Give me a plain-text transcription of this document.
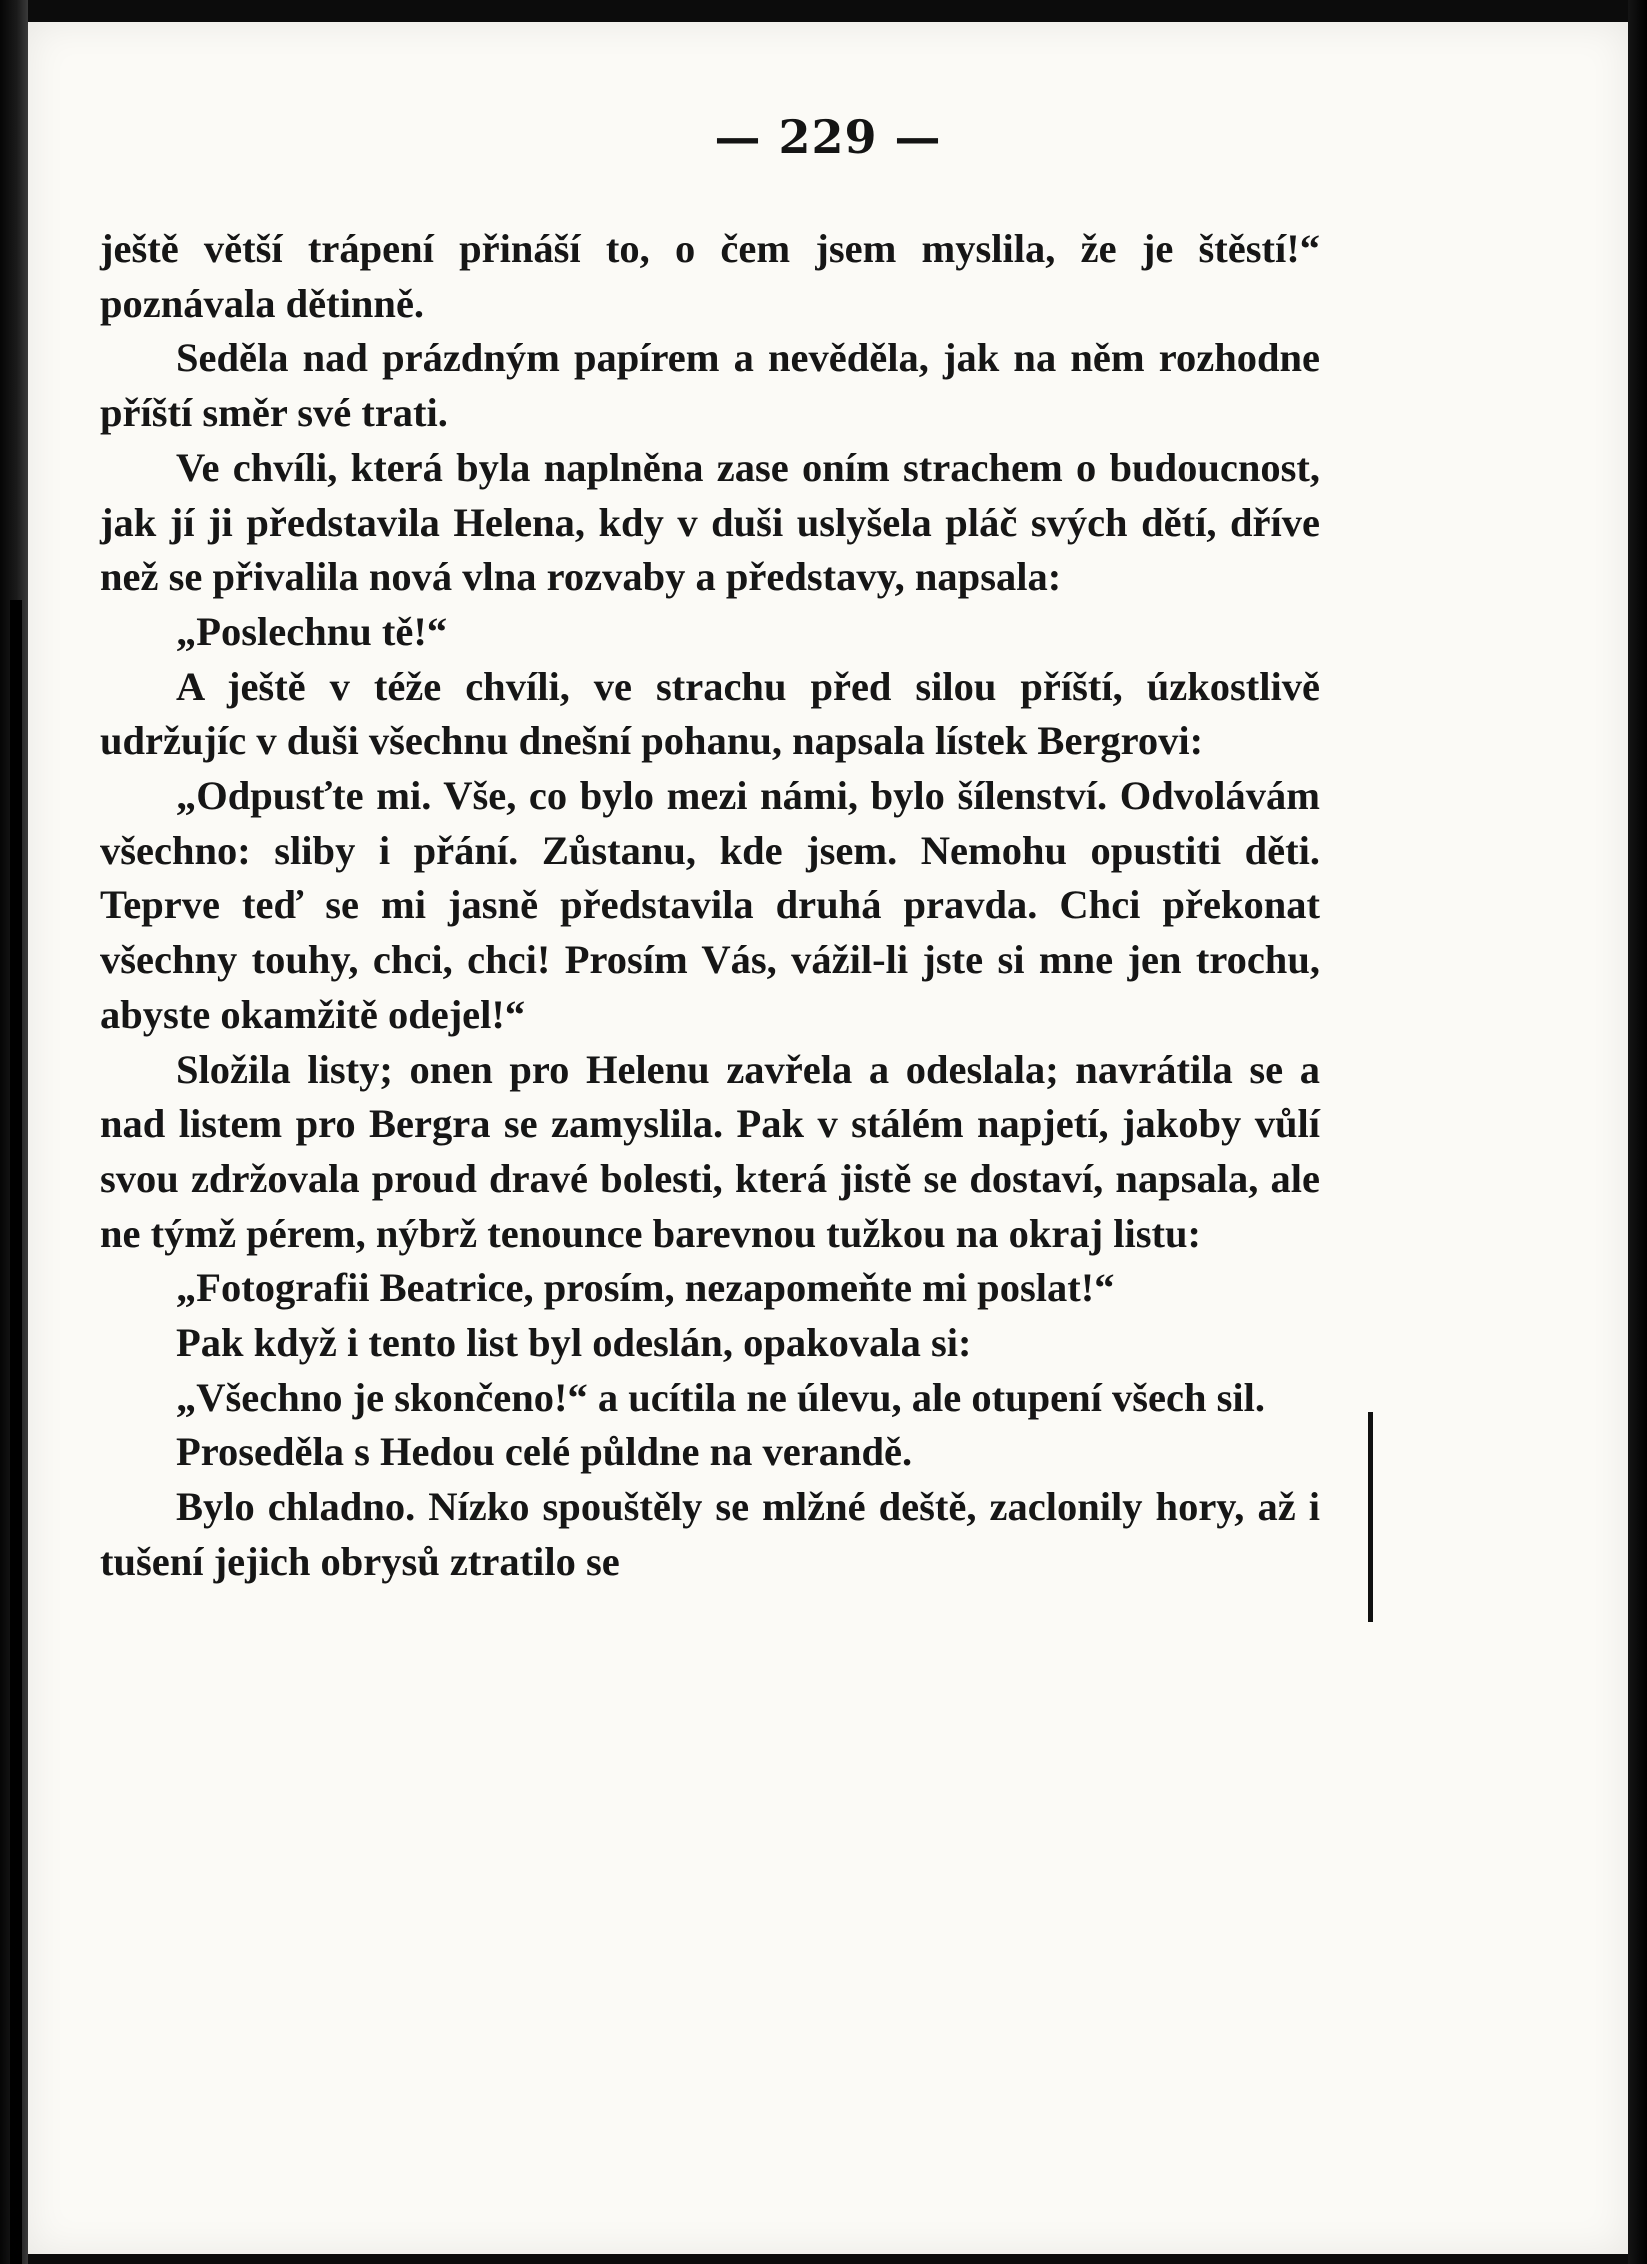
— 229 —

ještě větší trápení přináší to, o čem jsem myslila, že je štěstí!“ poznávala dětinně.

Seděla nad prázdným papírem a nevěděla, jak na něm rozhodne příští směr své trati.

Ve chvíli, která byla naplněna zase oním strachem o budoucnost, jak jí ji představila Helena, kdy v duši uslyšela pláč svých dětí, dříve než se přivalila nová vlna rozvaby a představy, napsala:

„Poslechnu tě!“

A ještě v téže chvíli, ve strachu před silou příští, úzkostlivě udržujíc v duši všechnu dnešní pohanu, napsala lístek Bergrovi:

„Odpusťte mi. Vše, co bylo mezi námi, bylo šílenství. Odvolávám všechno: sliby i přání. Zůstanu, kde jsem. Nemohu opustiti děti. Teprve teď se mi jasně představila druhá pravda. Chci překonat všechny touhy, chci, chci! Prosím Vás, vážil-li jste si mne jen trochu, abyste okamžitě odejel!“

Složila listy; onen pro Helenu zavřela a odeslala; navrátila se a nad listem pro Bergra se zamyslila. Pak v stálém napjetí, jakoby vůlí svou zdržovala proud dravé bolesti, která jistě se dostaví, napsala, ale ne týmž pérem, nýbrž tenounce barevnou tužkou na okraj listu:

„Fotografii Beatrice, prosím, nezapomeňte mi poslat!“

Pak když i tento list byl odeslán, opakovala si:

„Všechno je skončeno!“ a ucítila ne úlevu, ale otupení všech sil.

Proseděla s Hedou celé půldne na verandě.

Bylo chladno. Nízko spouštěly se mlžné deště, zaclonily hory, až i tušení jejich obrysů ztratilo se
